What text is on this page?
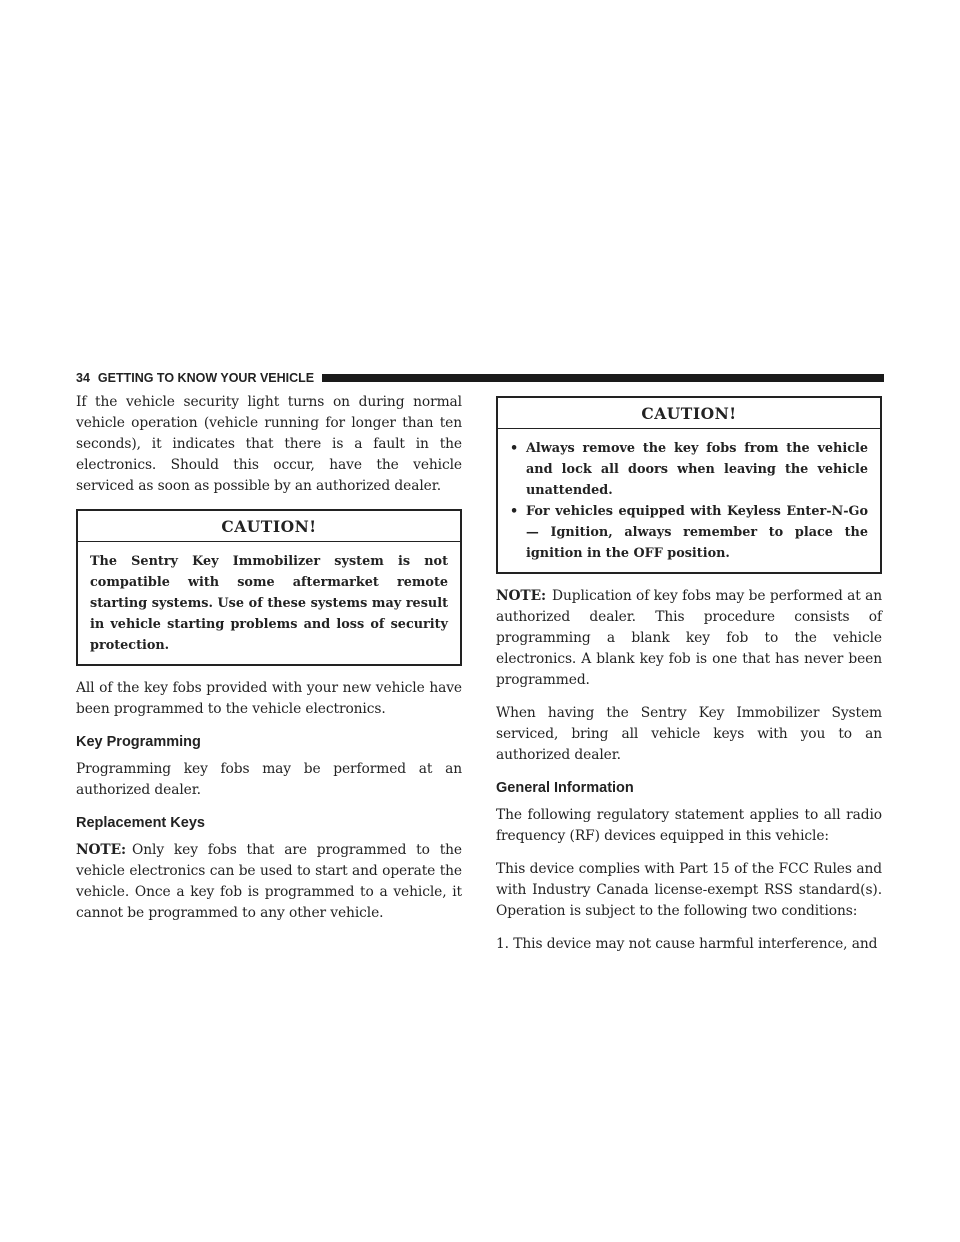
34 GETTING TO KNOW YOUR VEHICLE

If the vehicle security light turns on during normal vehicle operation (vehicle running for longer than ten seconds), it indicates that there is a fault in the electronics. Should this occur, have the vehicle serviced as soon as possible by an authorized dealer.

CAUTION!
The Sentry Key Immobilizer system is not compatible with some aftermarket remote starting systems. Use of these systems may result in vehicle starting problems and loss of security protection.

All of the key fobs provided with your new vehicle have been programmed to the vehicle electronics.

Key Programming

Programming key fobs may be performed at an authorized dealer.

Replacement Keys

NOTE: Only key fobs that are programmed to the vehicle electronics can be used to start and operate the vehicle. Once a key fob is programmed to a vehicle, it cannot be programmed to any other vehicle.

CAUTION!
• Always remove the key fobs from the vehicle and lock all doors when leaving the vehicle unattended.
• For vehicles equipped with Keyless Enter-N-Go — Ignition, always remember to place the ignition in the OFF position.

NOTE: Duplication of key fobs may be performed at an authorized dealer. This procedure consists of programming a blank key fob to the vehicle electronics. A blank key fob is one that has never been programmed.

When having the Sentry Key Immobilizer System serviced, bring all vehicle keys with you to an authorized dealer.

General Information

The following regulatory statement applies to all radio frequency (RF) devices equipped in this vehicle:

This device complies with Part 15 of the FCC Rules and with Industry Canada license-exempt RSS standard(s). Operation is subject to the following two conditions:

1. This device may not cause harmful interference, and
